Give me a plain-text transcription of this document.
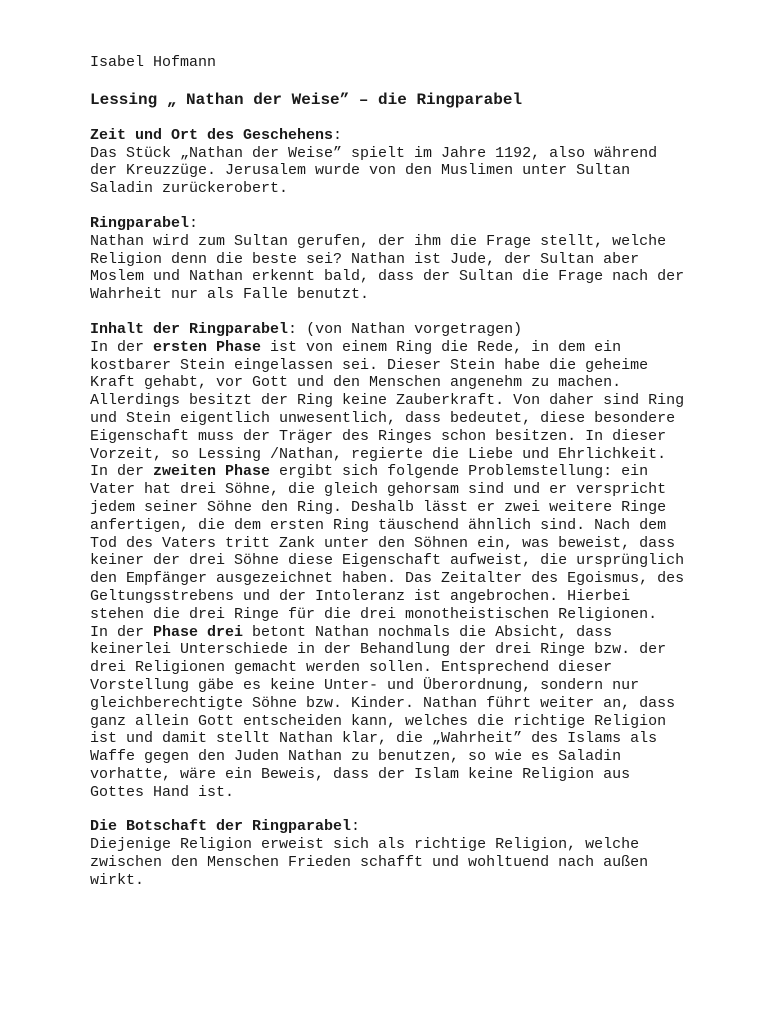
Isabel Hofmann

Lessing „ Nathan der Weise” – die Ringparabel

Zeit und Ort des Geschehens:

Das Stück „Nathan der Weise” spielt im Jahre 1192, also während der Kreuzzüge. Jerusalem wurde von den Muslimen unter Sultan Saladin zurückerobert.

Ringparabel:

Nathan wird zum Sultan gerufen, der ihm die Frage stellt, welche Religion denn die beste sei? Nathan ist Jude, der Sultan aber Moslem und Nathan erkennt bald, dass der Sultan die Frage nach der Wahrheit nur als Falle benutzt.

Inhalt der Ringparabel: (von Nathan vorgetragen)

In der ersten Phase ist von einem Ring die Rede, in dem ein kostbarer Stein eingelassen sei. Dieser Stein habe die geheime Kraft gehabt, vor Gott und den Menschen angenehm zu machen. Allerdings besitzt der Ring keine Zauberkraft. Von daher sind Ring und Stein eigentlich unwesentlich, dass bedeutet, diese besondere Eigenschaft muss der Träger des Ringes schon besitzen. In dieser Vorzeit, so Lessing /Nathan, regierte die Liebe und Ehrlichkeit.

In der zweiten Phase ergibt sich folgende Problemstellung: ein Vater hat drei Söhne, die gleich gehorsam sind und er verspricht jedem seiner Söhne den Ring. Deshalb lässt er zwei weitere Ringe anfertigen, die dem ersten Ring täuschend ähnlich sind. Nach dem Tod des Vaters tritt Zank unter den Söhnen ein, was beweist, dass keiner der drei Söhne diese Eigenschaft aufweist, die ursprünglich den Empfänger ausgezeichnet haben. Das Zeitalter des Egoismus, des Geltungsstrebens und der Intoleranz ist angebrochen. Hierbei stehen die drei Ringe für die drei monotheistischen Religionen.

In der Phase drei betont Nathan nochmals die Absicht, dass keinerlei Unterschiede in der Behandlung der drei Ringe bzw. der drei Religionen gemacht werden sollen. Entsprechend dieser Vorstellung gäbe es keine Unter- und Überordnung, sondern nur gleichberechtigte Söhne bzw. Kinder. Nathan führt weiter an, dass ganz allein Gott entscheiden kann, welches die richtige Religion ist und damit stellt Nathan klar, die „Wahrheit” des Islams als Waffe gegen den Juden Nathan zu benutzen, so wie es Saladin vorhatte, wäre ein Beweis, dass der Islam keine Religion aus Gottes Hand ist.

Die Botschaft der Ringparabel:

Diejenige Religion erweist sich als richtige Religion, welche zwischen den Menschen Frieden schafft und wohltuend nach außen wirkt.
